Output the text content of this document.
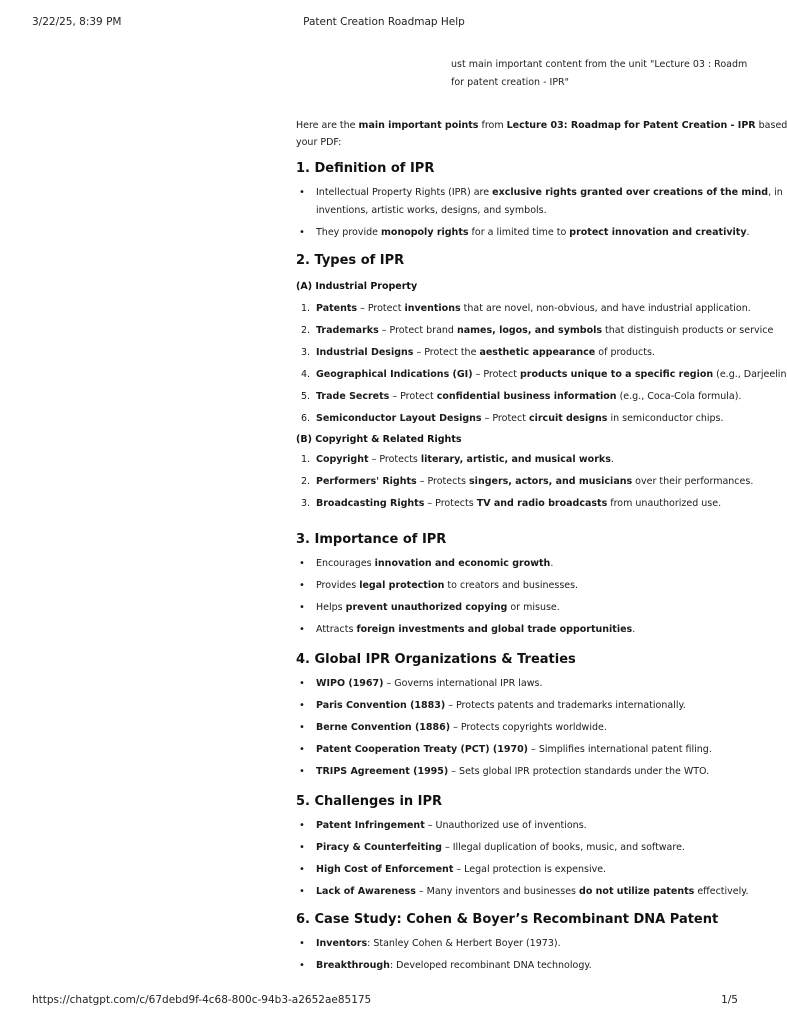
3/22/25, 8:39 PM	Patent Creation Roadmap Help
ust main important content from the unit "Lecture 03 : Roadm
for patent creation - IPR"
Here are the main important points from Lecture 03: Roadmap for Patent Creation - IPR based
your PDF:
1. Definition of IPR
• Intellectual Property Rights (IPR) are exclusive rights granted over creations of the mind, in
inventions, artistic works, designs, and symbols.
• They provide monopoly rights for a limited time to protect innovation and creativity.
2. Types of IPR
(A) Industrial Property
1. Patents – Protect inventions that are novel, non-obvious, and have industrial application.
2. Trademarks – Protect brand names, logos, and symbols that distinguish products or service
3. Industrial Designs – Protect the aesthetic appearance of products.
4. Geographical Indications (GI) – Protect products unique to a specific region (e.g., Darjeelin
5. Trade Secrets – Protect confidential business information (e.g., Coca-Cola formula).
6. Semiconductor Layout Designs – Protect circuit designs in semiconductor chips.
(B) Copyright & Related Rights
1. Copyright – Protects literary, artistic, and musical works.
2. Performers' Rights – Protects singers, actors, and musicians over their performances.
3. Broadcasting Rights – Protects TV and radio broadcasts from unauthorized use.
3. Importance of IPR
• Encourages innovation and economic growth.
• Provides legal protection to creators and businesses.
• Helps prevent unauthorized copying or misuse.
• Attracts foreign investments and global trade opportunities.
4. Global IPR Organizations & Treaties
• WIPO (1967) – Governs international IPR laws.
• Paris Convention (1883) – Protects patents and trademarks internationally.
• Berne Convention (1886) – Protects copyrights worldwide.
• Patent Cooperation Treaty (PCT) (1970) – Simplifies international patent filing.
• TRIPS Agreement (1995) – Sets global IPR protection standards under the WTO.
5. Challenges in IPR
• Patent Infringement – Unauthorized use of inventions.
• Piracy & Counterfeiting – Illegal duplication of books, music, and software.
• High Cost of Enforcement – Legal protection is expensive.
• Lack of Awareness – Many inventors and businesses do not utilize patents effectively.
6. Case Study: Cohen & Boyer’s Recombinant DNA Patent
• Inventors: Stanley Cohen & Herbert Boyer (1973).
• Breakthrough: Developed recombinant DNA technology.
https://chatgpt.com/c/67debd9f-4c68-800c-94b3-a2652ae85175	1/5
